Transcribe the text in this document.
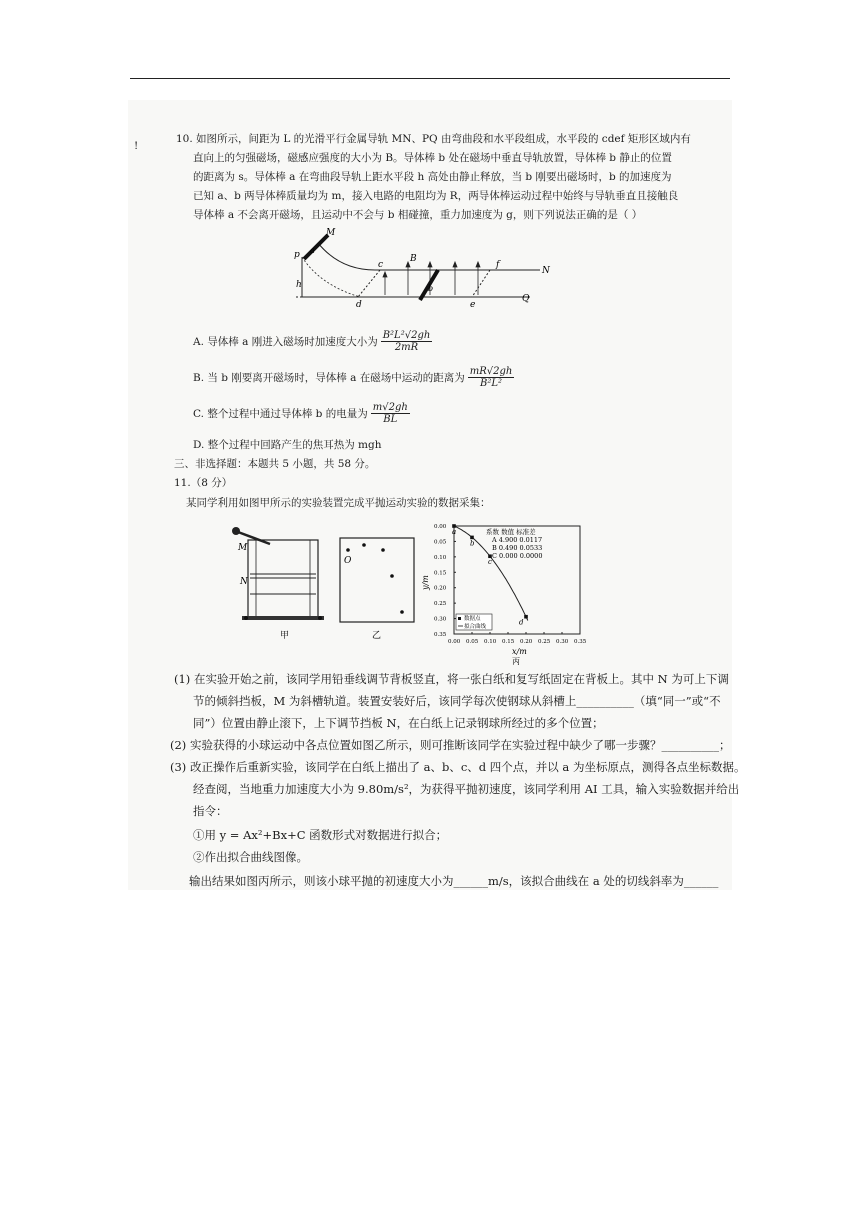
!
10. 如图所示，间距为 L 的光滑平行金属导轨 MN、PQ 由弯曲段和水平段组成，水平段的 cdef 矩形区域内有
直向上的匀强磁场，磁感应强度的大小为 B。导体棒 b 处在磁场中垂直导轨放置，导体棒 b 静止的位置
的距离为 s。导体棒 a 在弯曲段导轨上距水平段 h 高处由静止释放，当 b 刚要出磁场时，b 的加速度为
已知 a、b 两导体棒质量均为 m，接入电路的电阻均为 R，两导体棒运动过程中始终与导轨垂直且接触良
导体棒 a 不会离开磁场，且运动中不会与 b 相碰撞，重力加速度为 g，则下列说法正确的是（ ）
M
p a
h
c
B
b
f
N
d	e
Q
A. 导体棒 a 刚进入磁场时加速度大小为 $\frac{\text{B²L²√2gh}}{2mR}$
B. 当 b 刚要离开磁场时，导体棒 a 在磁场中运动的距离为 $\frac{mR√2gh}{\text{B²L²}}$
C. 整个过程中通过导体棒 b 的电量为 $\frac{m√2gh}{BL}$
D. 整个过程中回路产生的焦耳热为 mgh
三、非选择题：本题共 5 小题，共 58 分。
11.（8 分）
某同学利用如图甲所示的实验装置完成平抛运动实验的数据采集：
M
N
甲
O
乙
0.00 0.05 0.10 0.15 0.20 0.25 0.30 0.35
0.00
0.05
0.10
0.15
0.20
0.25
0.30
0.35
a
b
c
d
系数 数值 标准差
A 4.900 0.0117
B 0.490 0.0533
C 0.000 0.0000
数据点
拟合曲线
x/m
丙
y/m
(1) 在实验开始之前，该同学用铅垂线调节背板竖直，将一张白纸和复写纸固定在背板上。其中 N 为可上下调
节的倾斜挡板，M 为斜槽轨道。装置安装好后，该同学每次使钢球从斜槽上__________（填“同一”或“不
同”）位置由静止滚下，上下调节挡板 N，在白纸上记录钢球所经过的多个位置；
(2) 实验获得的小球运动中各点位置如图乙所示，则可推断该同学在实验过程中缺少了哪一步骤？__________；
(3) 改正操作后重新实验，该同学在白纸上描出了 a、b、c、d 四个点，并以 a 为坐标原点，测得各点坐标数据。
经查阅，当地重力加速度大小为 9.80m/s²，为获得平抛初速度，该同学利用 AI 工具，输入实验数据并给出
指令：
①用 y = Ax²+Bx+C 函数形式对数据进行拟合；
②作出拟合曲线图像。
输出结果如图丙所示，则该小球平抛的初速度大小为______m/s，该拟合曲线在 a 处的切线斜率为______
